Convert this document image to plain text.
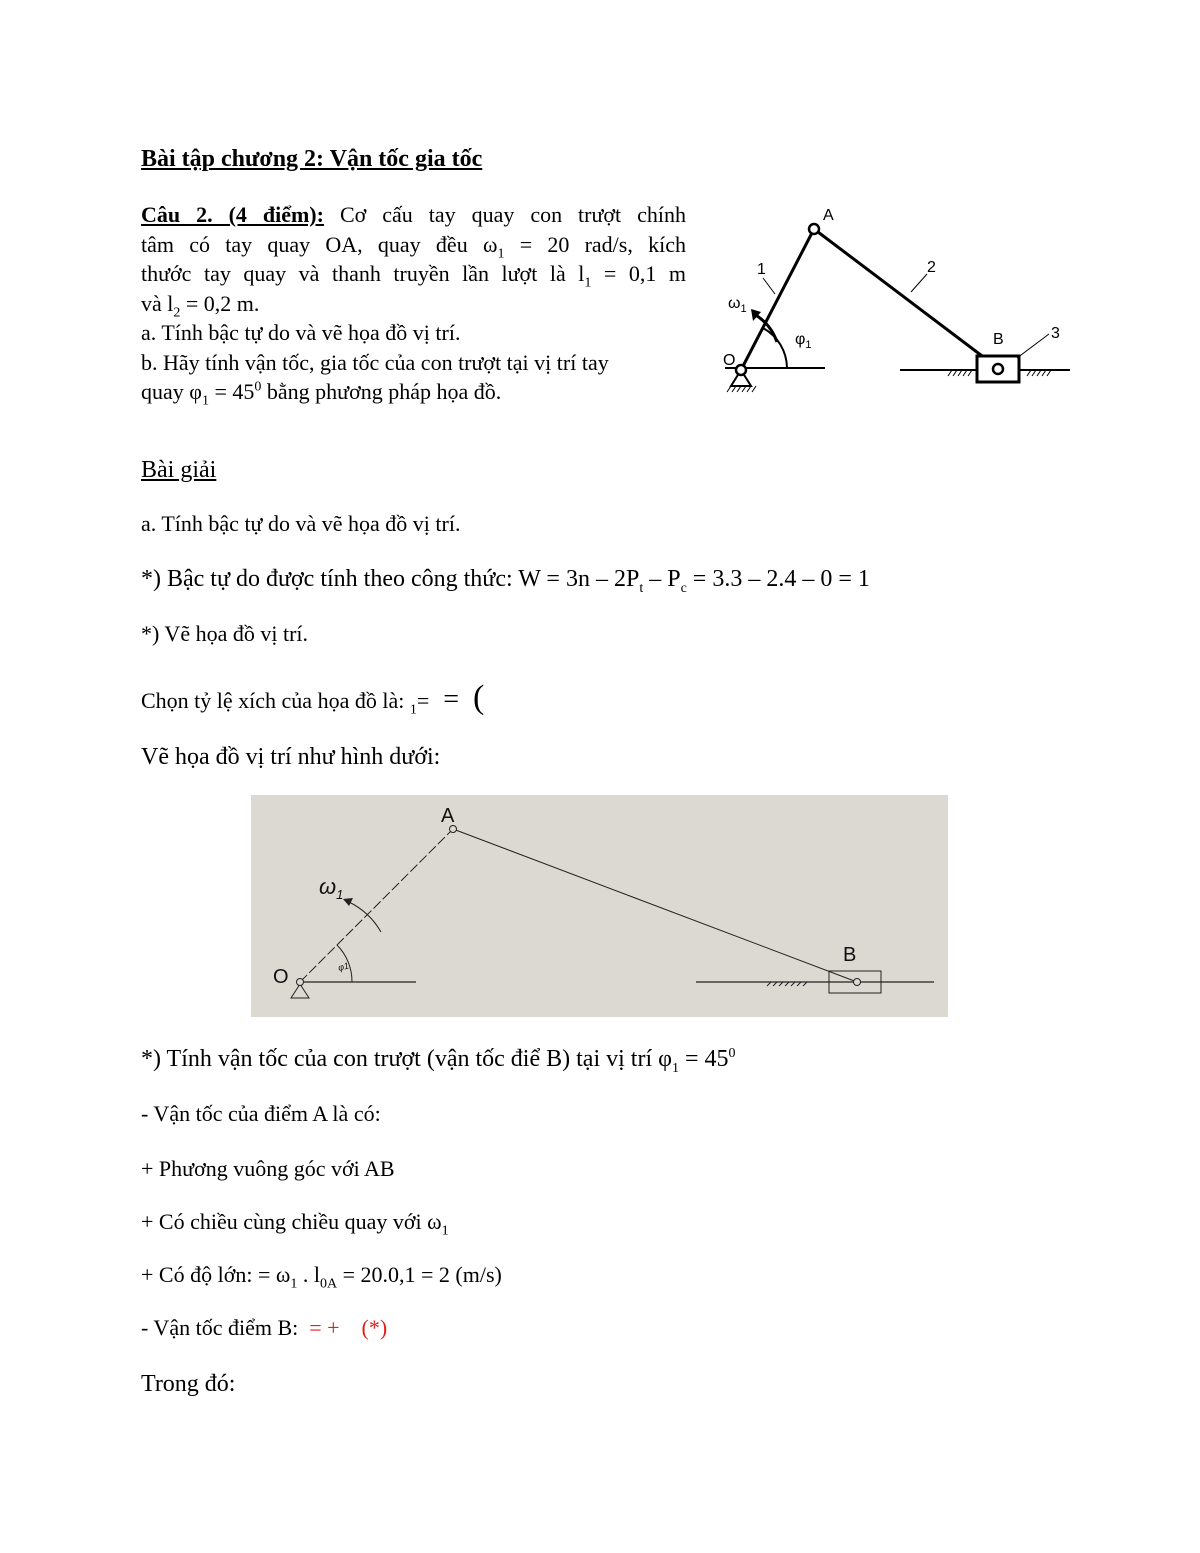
Bài tập chương 2: Vận tốc gia tốc
Câu 2. (4 điểm): Cơ cấu tay quay con trượt chính
tâm có tay quay OA, quay đều $\omega_1 = 20$ rad/s, kích
thước tay quay và thanh truyền lần lượt là $l_1 = 0,1$ m
và $l_2 = 0,2$ m.
a. Tính bậc tự do và vẽ họa đồ vị trí.
b. Hãy tính vận tốc, gia tốc của con trượt tại vị trí tay
quay $\varphi_1 = 45^0$ bằng phương pháp họa đồ.
A
O
B
1	2
3
$\omega_1$
$\varphi_1$
Bài giải
a. Tính bậc tự do và vẽ họa đồ vị trí.
*) Bậc tự do được tính theo công thức: $W = 3n - 2P_t - P_c = 3.3 - 2.4 - 0 = 1$
*) Vẽ họa đồ vị trí.
Chọn tỷ lệ xích của họa đồ là: $_1$= = (
Vẽ họa đồ vị trí như hình dưới:
A
O
B
$\omega_1$
φ1
*) Tính vận tốc của con trượt (vận tốc điể B) tại vị trí $\varphi_1 = 45^0$
- Vận tốc của điểm A là có:
+ Phương vuông góc với AB
+ Có chiều cùng chiều quay với $\omega_1$
+ Có độ lớn: = $\omega_1$ . $l_{0A} = 20.0,1 = 2$ (m/s)
- Vận tốc điểm B:  = +    (*)
Trong đó:
